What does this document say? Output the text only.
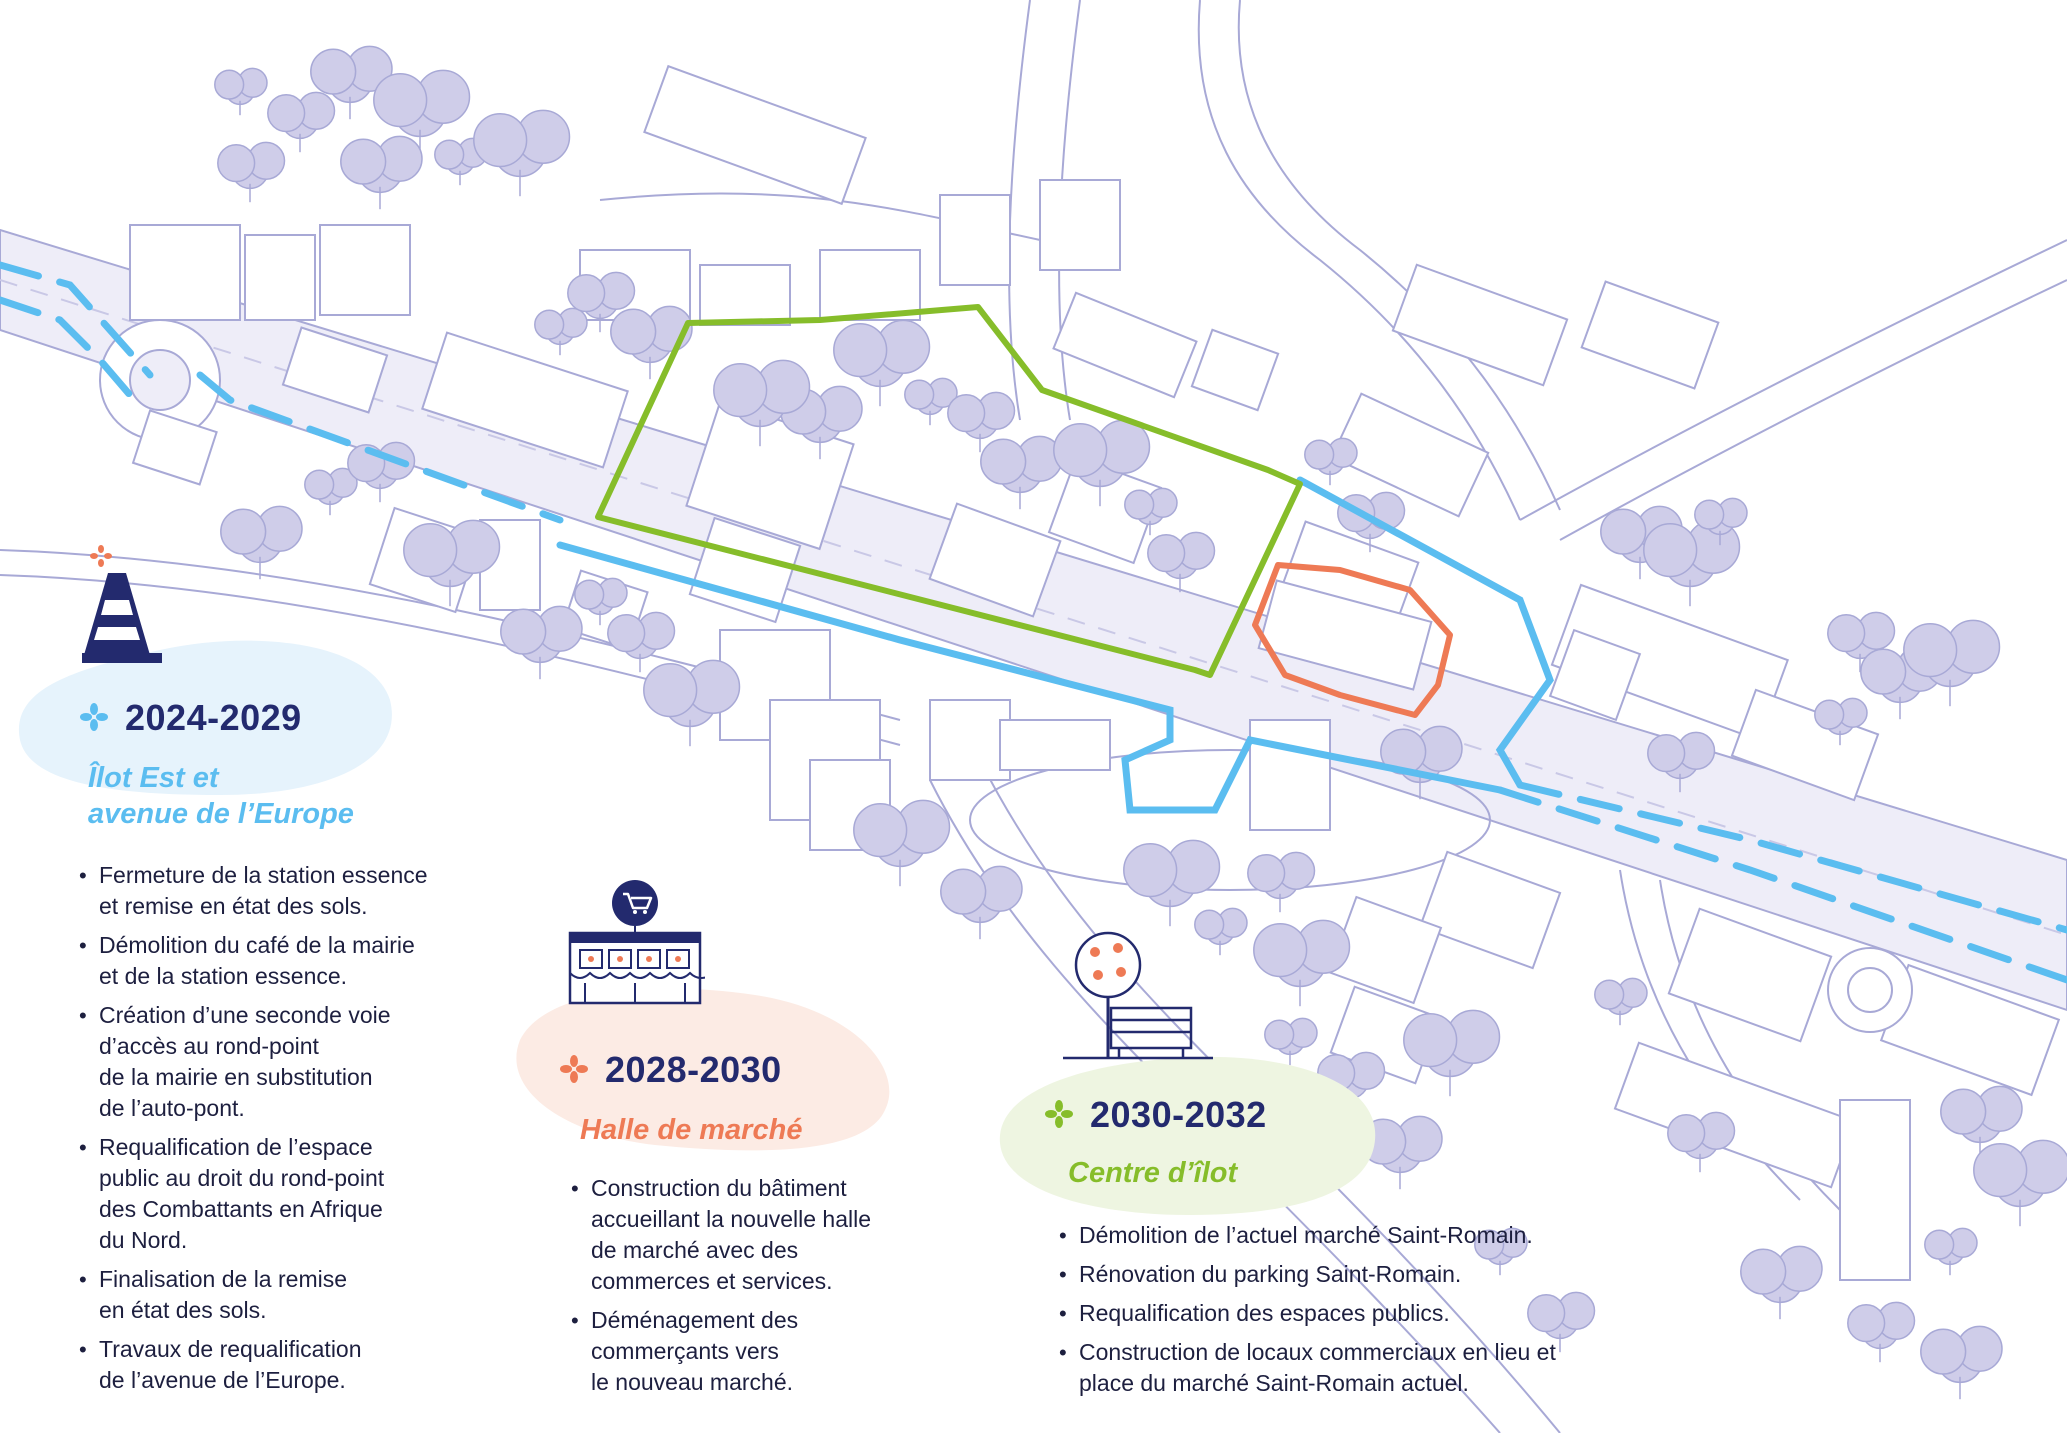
2024-2029
Îlot Est et
avenue de l’Europe
• Fermeture de la station essence
et remise en état des sols.
• Démolition du café de la mairie
et de la station essence.
• Création d’une seconde voie
d’accès au rond-point
de la mairie en substitution
de l’auto-pont.
• Requalification de l’espace
public au droit du rond-point
des Combattants en Afrique
du Nord.
• Finalisation de la remise
en état des sols.
• Travaux de requalification
de l’avenue de l’Europe.
2028-2030
Halle de marché
• Construction du bâtiment
accueillant la nouvelle halle
de marché avec des
commerces et services.
• Déménagement des
commerçants vers
le nouveau marché.
2030-2032
Centre d’îlot
• Démolition de l’actuel marché Saint-Romain.
• Rénovation du parking Saint-Romain.
• Requalification des espaces publics.
• Construction de locaux commerciaux en lieu et
place du marché Saint-Romain actuel.
